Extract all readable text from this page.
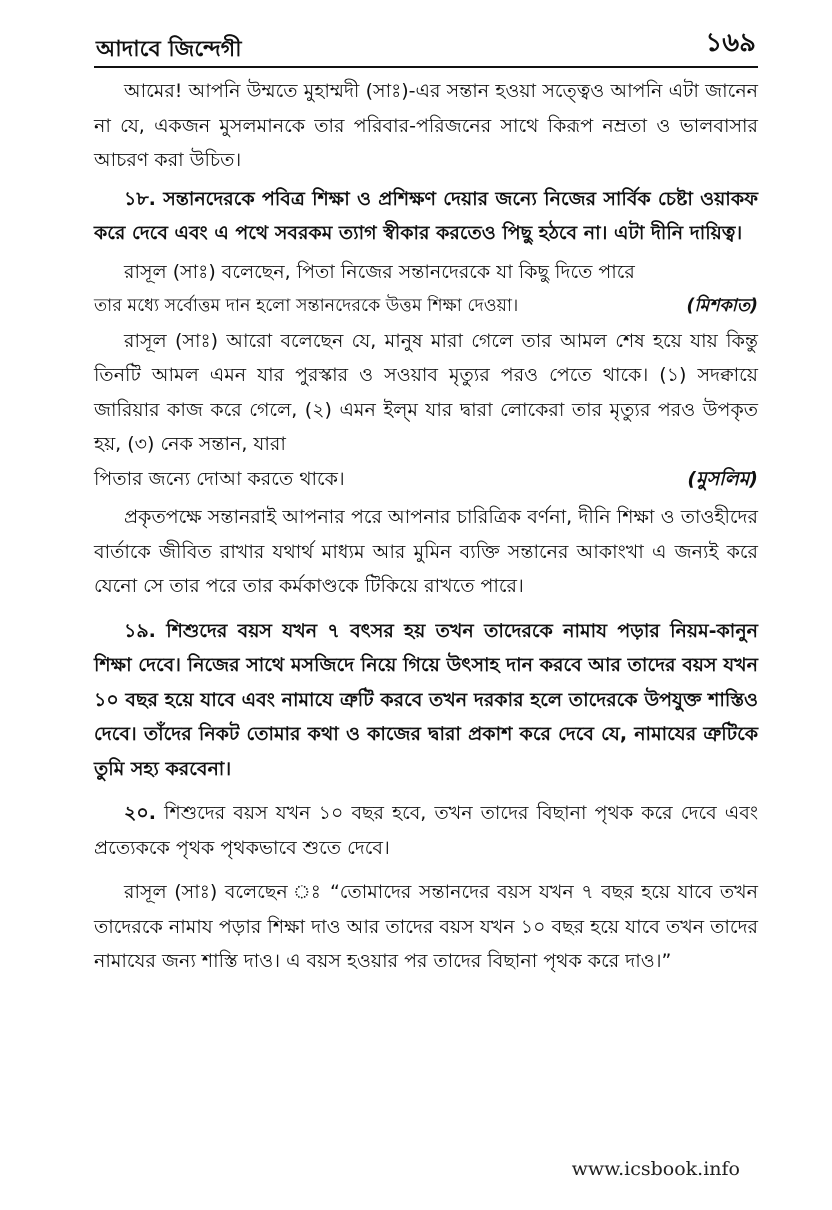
আদাবে জিন্দেগী	১৬৯

আমের! আপনি উম্মতে মুহাম্মদী (সাঃ)-এর সন্তান হওয়া সত্ত্বেও আপনি এটা জানেন না যে, একজন মুসলমানকে তার পরিবার-পরিজনের সাথে কিরূপ নম্রতা ও ভালবাসার আচরণ করা উচিত।

১৮. সন্তানদেরকে পবিত্র শিক্ষা ও প্রশিক্ষণ দেয়ার জন্যে নিজের সার্বিক চেষ্টা ওয়াকফ করে দেবে এবং এ পথে সবরকম ত্যাগ স্বীকার করতেও পিছু হঠবে না। এটা দীনি দায়িত্ব।

রাসূল (সাঃ) বলেছেন, পিতা নিজের সন্তানদেরকে যা কিছু দিতে পারে

তার মধ্যে সর্বোত্তম দান হলো সন্তানদেরকে উত্তম শিক্ষা দেওয়া।	(মিশকাত)

রাসূল (সাঃ) আরো বলেছেন যে, মানুষ মারা গেলে তার আমল শেষ হয়ে যায় কিন্তু তিনটি আমল এমন যার পুরস্কার ও সওয়াব মৃত্যুর পরও পেতে থাকে। (১) সদক্বায়ে জারিয়ার কাজ করে গেলে, (২) এমন ইল্‌ম যার দ্বারা লোকেরা তার মৃত্যুর পরও উপকৃত হয়, (৩) নেক সন্তান, যারা

পিতার জন্যে দোআ করতে থাকে।	(মুসলিম)

প্রকৃতপক্ষে সন্তানরাই আপনার পরে আপনার চারিত্রিক বর্ণনা, দীনি শিক্ষা ও তাওহীদের বার্তাকে জীবিত রাখার যথার্থ মাধ্যম আর মুমিন ব্যক্তি সন্তানের আকাংখা এ জন্যই করে যেনো সে তার পরে তার কর্মকাণ্ডকে টিকিয়ে রাখতে পারে।

১৯. শিশুদের বয়স যখন ৭ বৎসর হয় তখন তাদেরকে নামায পড়ার নিয়ম-কানুন শিক্ষা দেবে। নিজের সাথে মসজিদে নিয়ে গিয়ে উৎসাহ দান করবে আর তাদের বয়স যখন ১০ বছর হয়ে যাবে এবং নামাযে ত্রুটি করবে তখন দরকার হলে তাদেরকে উপযুক্ত শাস্তিও দেবে। তাঁদের নিকট তোমার কথা ও কাজের দ্বারা প্রকাশ করে দেবে যে, নামাযের ত্রুটিকে তুমি সহ্য করবেনা।

২০. শিশুদের বয়স যখন ১০ বছর হবে, তখন তাদের বিছানা পৃথক করে দেবে এবং প্রত্যেককে পৃথক পৃথকভাবে শুতে দেবে।

রাসূল (সাঃ) বলেছেন ঃ “তোমাদের সন্তানদের বয়স যখন ৭ বছর হয়ে যাবে তখন তাদেরকে নামায পড়ার শিক্ষা দাও আর তাদের বয়স যখন ১০ বছর হয়ে যাবে তখন তাদের নামাযের জন্য শাস্তি দাও। এ বয়স হওয়ার পর তাদের বিছানা পৃথক করে দাও।”

www.icsbook.info
